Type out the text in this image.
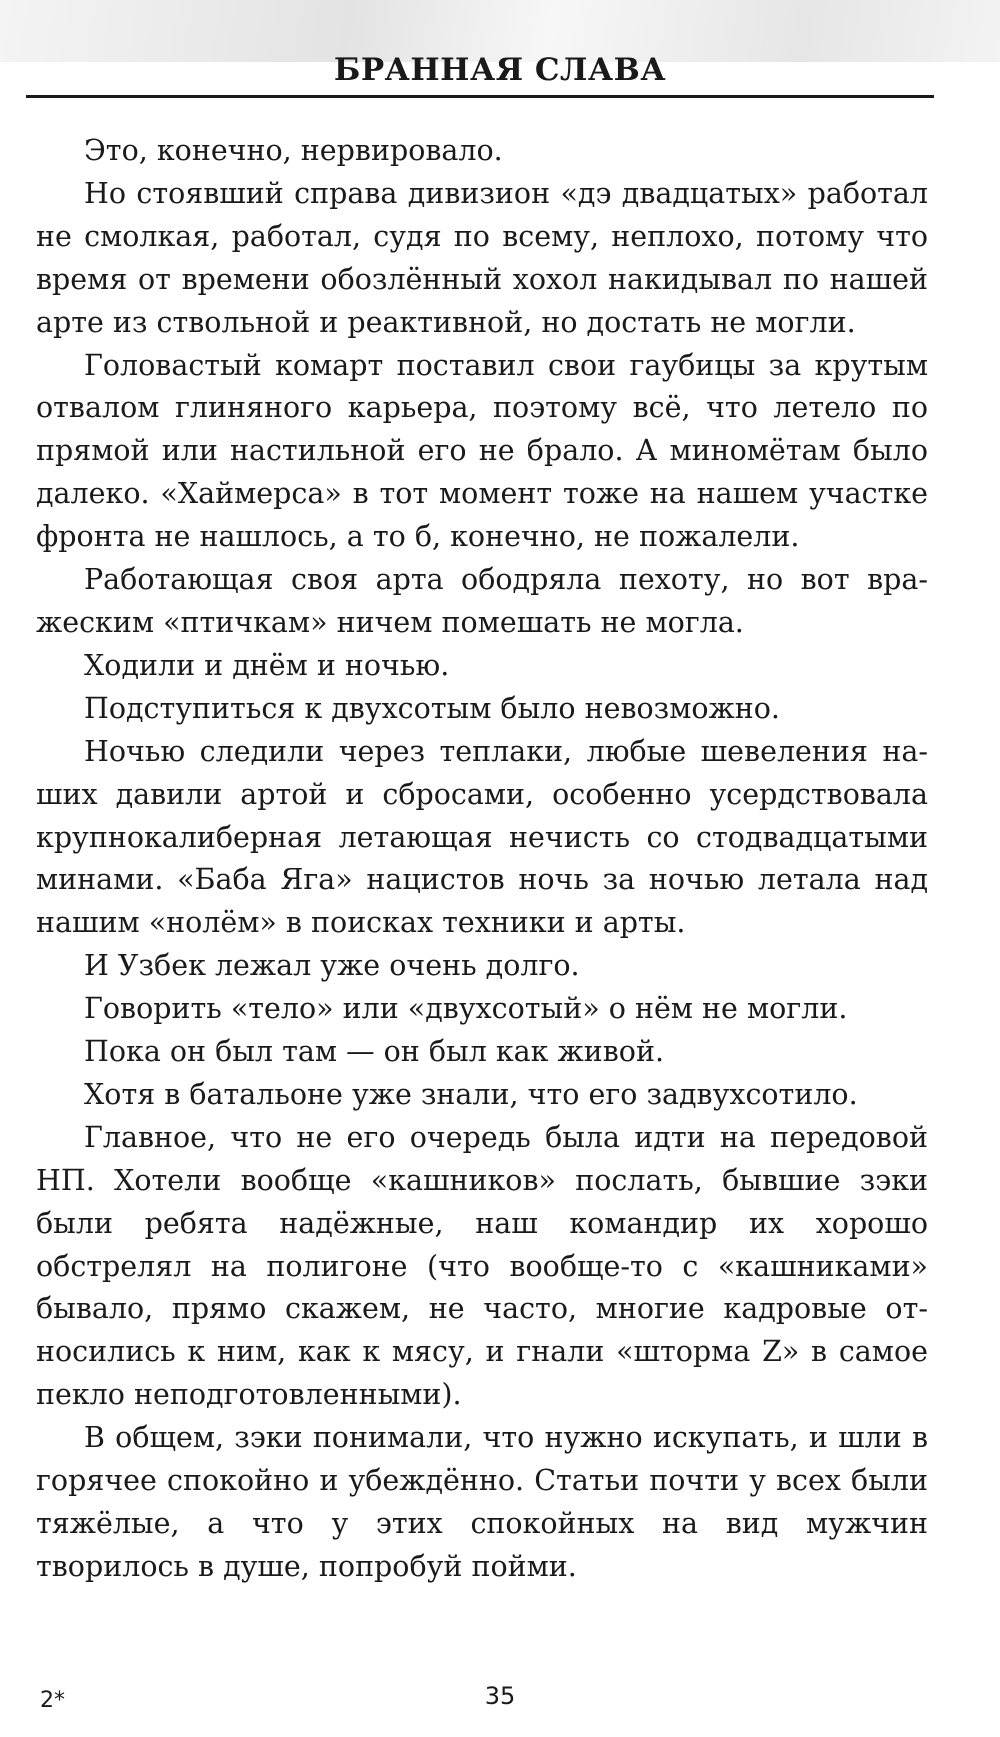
БРАННАЯ СЛАВА

Это, конечно, нервировало.

Но стоявший справа дивизион «дэ двадцатых» работал не смолкая, работал, судя по всему, неплохо, потому что время от времени обозлённый хохол накидывал по нашей арте из ствольной и реактивной, но достать не могли.

Головастый комарт поставил свои гаубицы за крутым отвалом глиняного карьера, поэтому всё, что летело по прямой или настильной его не брало. А миномётам было далеко. «Хаймерса» в тот момент тоже на нашем участке фронта не нашлось, а то б, конечно, не пожалели.

Работающая своя арта ободряла пехоту, но вот вражеским «птичкам» ничем помешать не могла.

Ходили и днём и ночью.

Подступиться к двухсотым было невозможно.

Ночью следили через теплаки, любые шевеления наших давили артой и сбросами, особенно усердствовала крупнокалиберная летающая нечисть со стодвадцатыми минами. «Баба Яга» нацистов ночь за ночью летала над нашим «нолём» в поисках техники и арты.

И Узбек лежал уже очень долго.

Говорить «тело» или «двухсотый» о нём не могли.

Пока он был там — он был как живой.

Хотя в батальоне уже знали, что его задвухсотило.

Главное, что не его очередь была идти на передовой НП. Хотели вообще «кашников» послать, бывшие зэки были ребята надёжные, наш командир их хорошо обстрелял на полигоне (что вообще-то с «кашниками» бывало, прямо скажем, не часто, многие кадровые относились к ним, как к мясу, и гнали «шторма Z» в самое пекло неподготовленными).

В общем, зэки понимали, что нужно искупать, и шли в горячее спокойно и убеждённо. Статьи почти у всех были тяжёлые, а что у этих спокойных на вид мужчин творилось в душе, попробуй пойми.

2*	35
